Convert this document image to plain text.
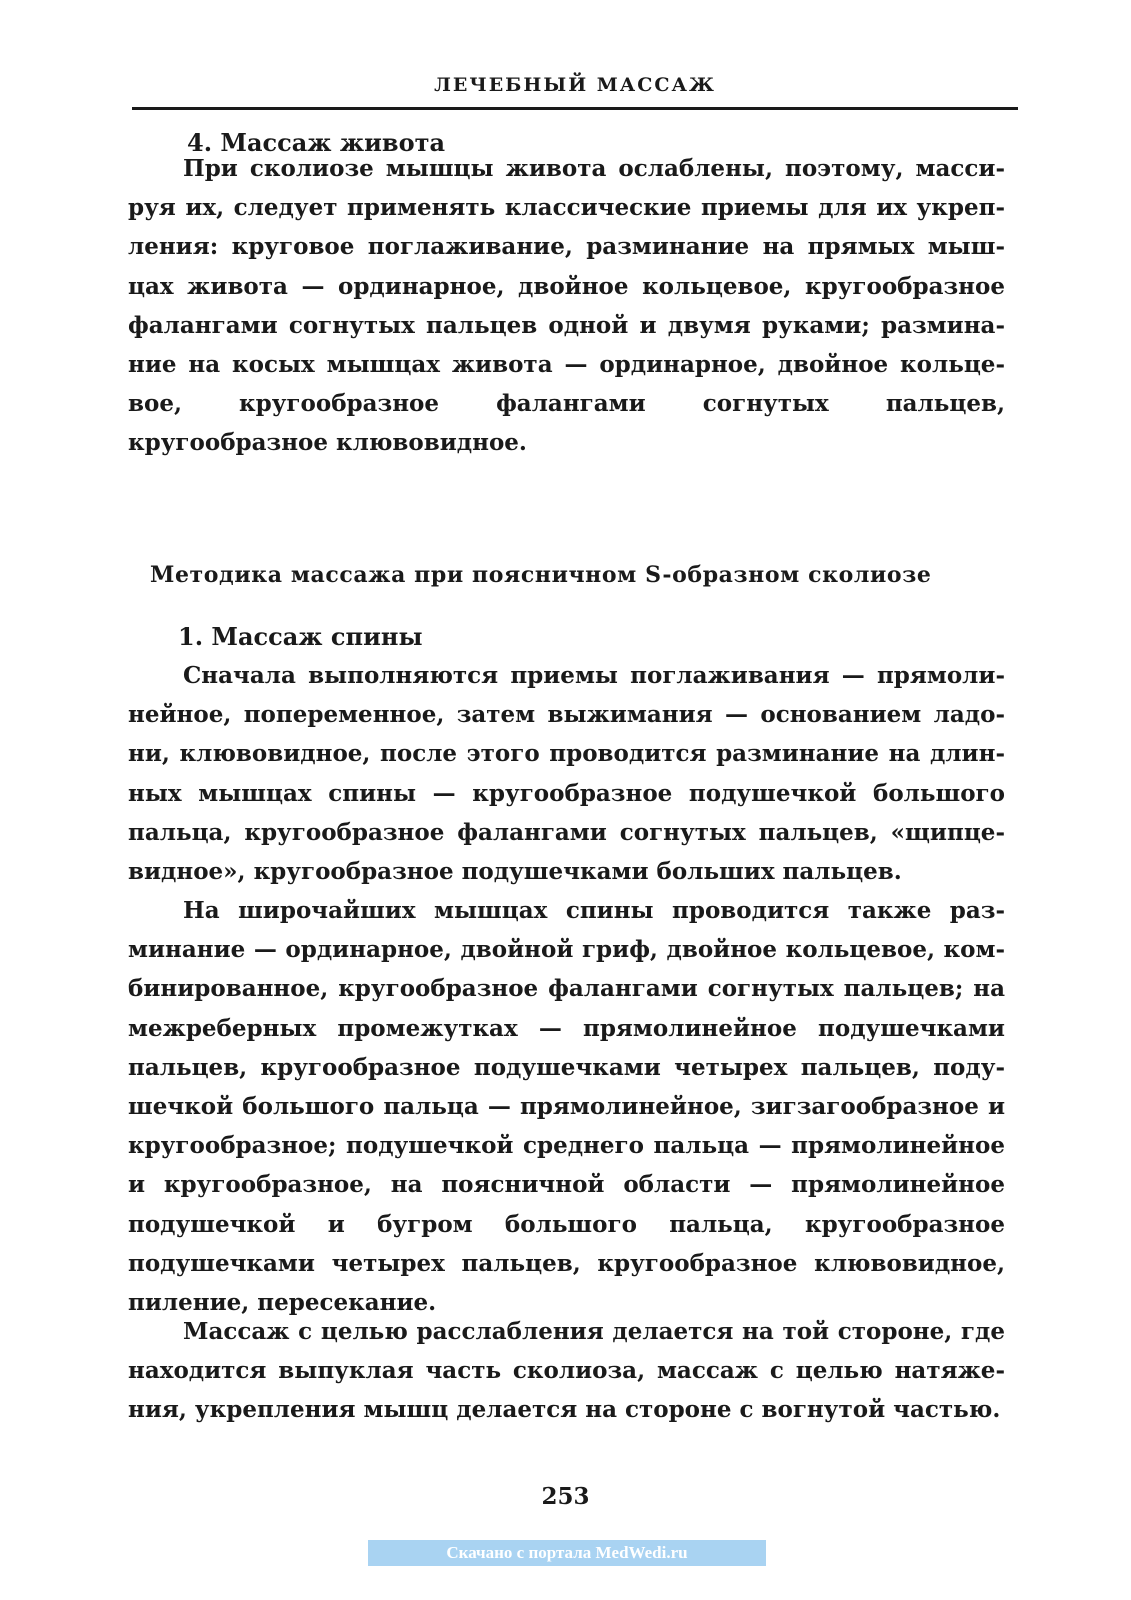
ЛЕЧЕБНЫЙ МАССАЖ
4. Массаж живота

При сколиозе мышцы живота ослаблены, поэтому, массируя их, следует применять классические приемы для их укрепления: круговое поглаживание, разминание на прямых мышцах живота — ординарное, двойное кольцевое, кругообразное фалангами согнутых пальцев одной и двумя руками; разминание на косых мышцах живота — ординарное, двойное кольцевое, кругообразное фалангами согнутых пальцев, кругообразное клювовидное.

Методика массажа при поясничном S-образном сколиозе
1. Массаж спины

Сначала выполняются приемы поглаживания — прямолинейное, попеременное, затем выжимания — основанием ладони, клювовидное, после этого проводится разминание на длинных мышцах спины — кругообразное подушечкой большого пальца, кругообразное фалангами согнутых пальцев, «щипцевидное», кругообразное подушечками больших пальцев.

На широчайших мышцах спины проводится также разминание — ординарное, двойной гриф, двойное кольцевое, комбинированное, кругообразное фалангами согнутых пальцев; на межреберных промежутках — прямолинейное подушечками пальцев, кругообразное подушечками четырех пальцев, подушечкой большого пальца — прямолинейное, зигзагообразное и кругообразное; подушечкой среднего пальца — прямолинейное и кругообразное, на поясничной области — прямолинейное подушечкой и бугром большого пальца, кругообразное подушечками четырех пальцев, кругообразное клювовидное, пиление, пересекание.

Массаж с целью расслабления делается на той стороне, где находится выпуклая часть сколиоза, массаж с целью натяжения, укрепления мышц делается на стороне с вогнутой частью.

253
Скачано с портала MedWedi.ru
